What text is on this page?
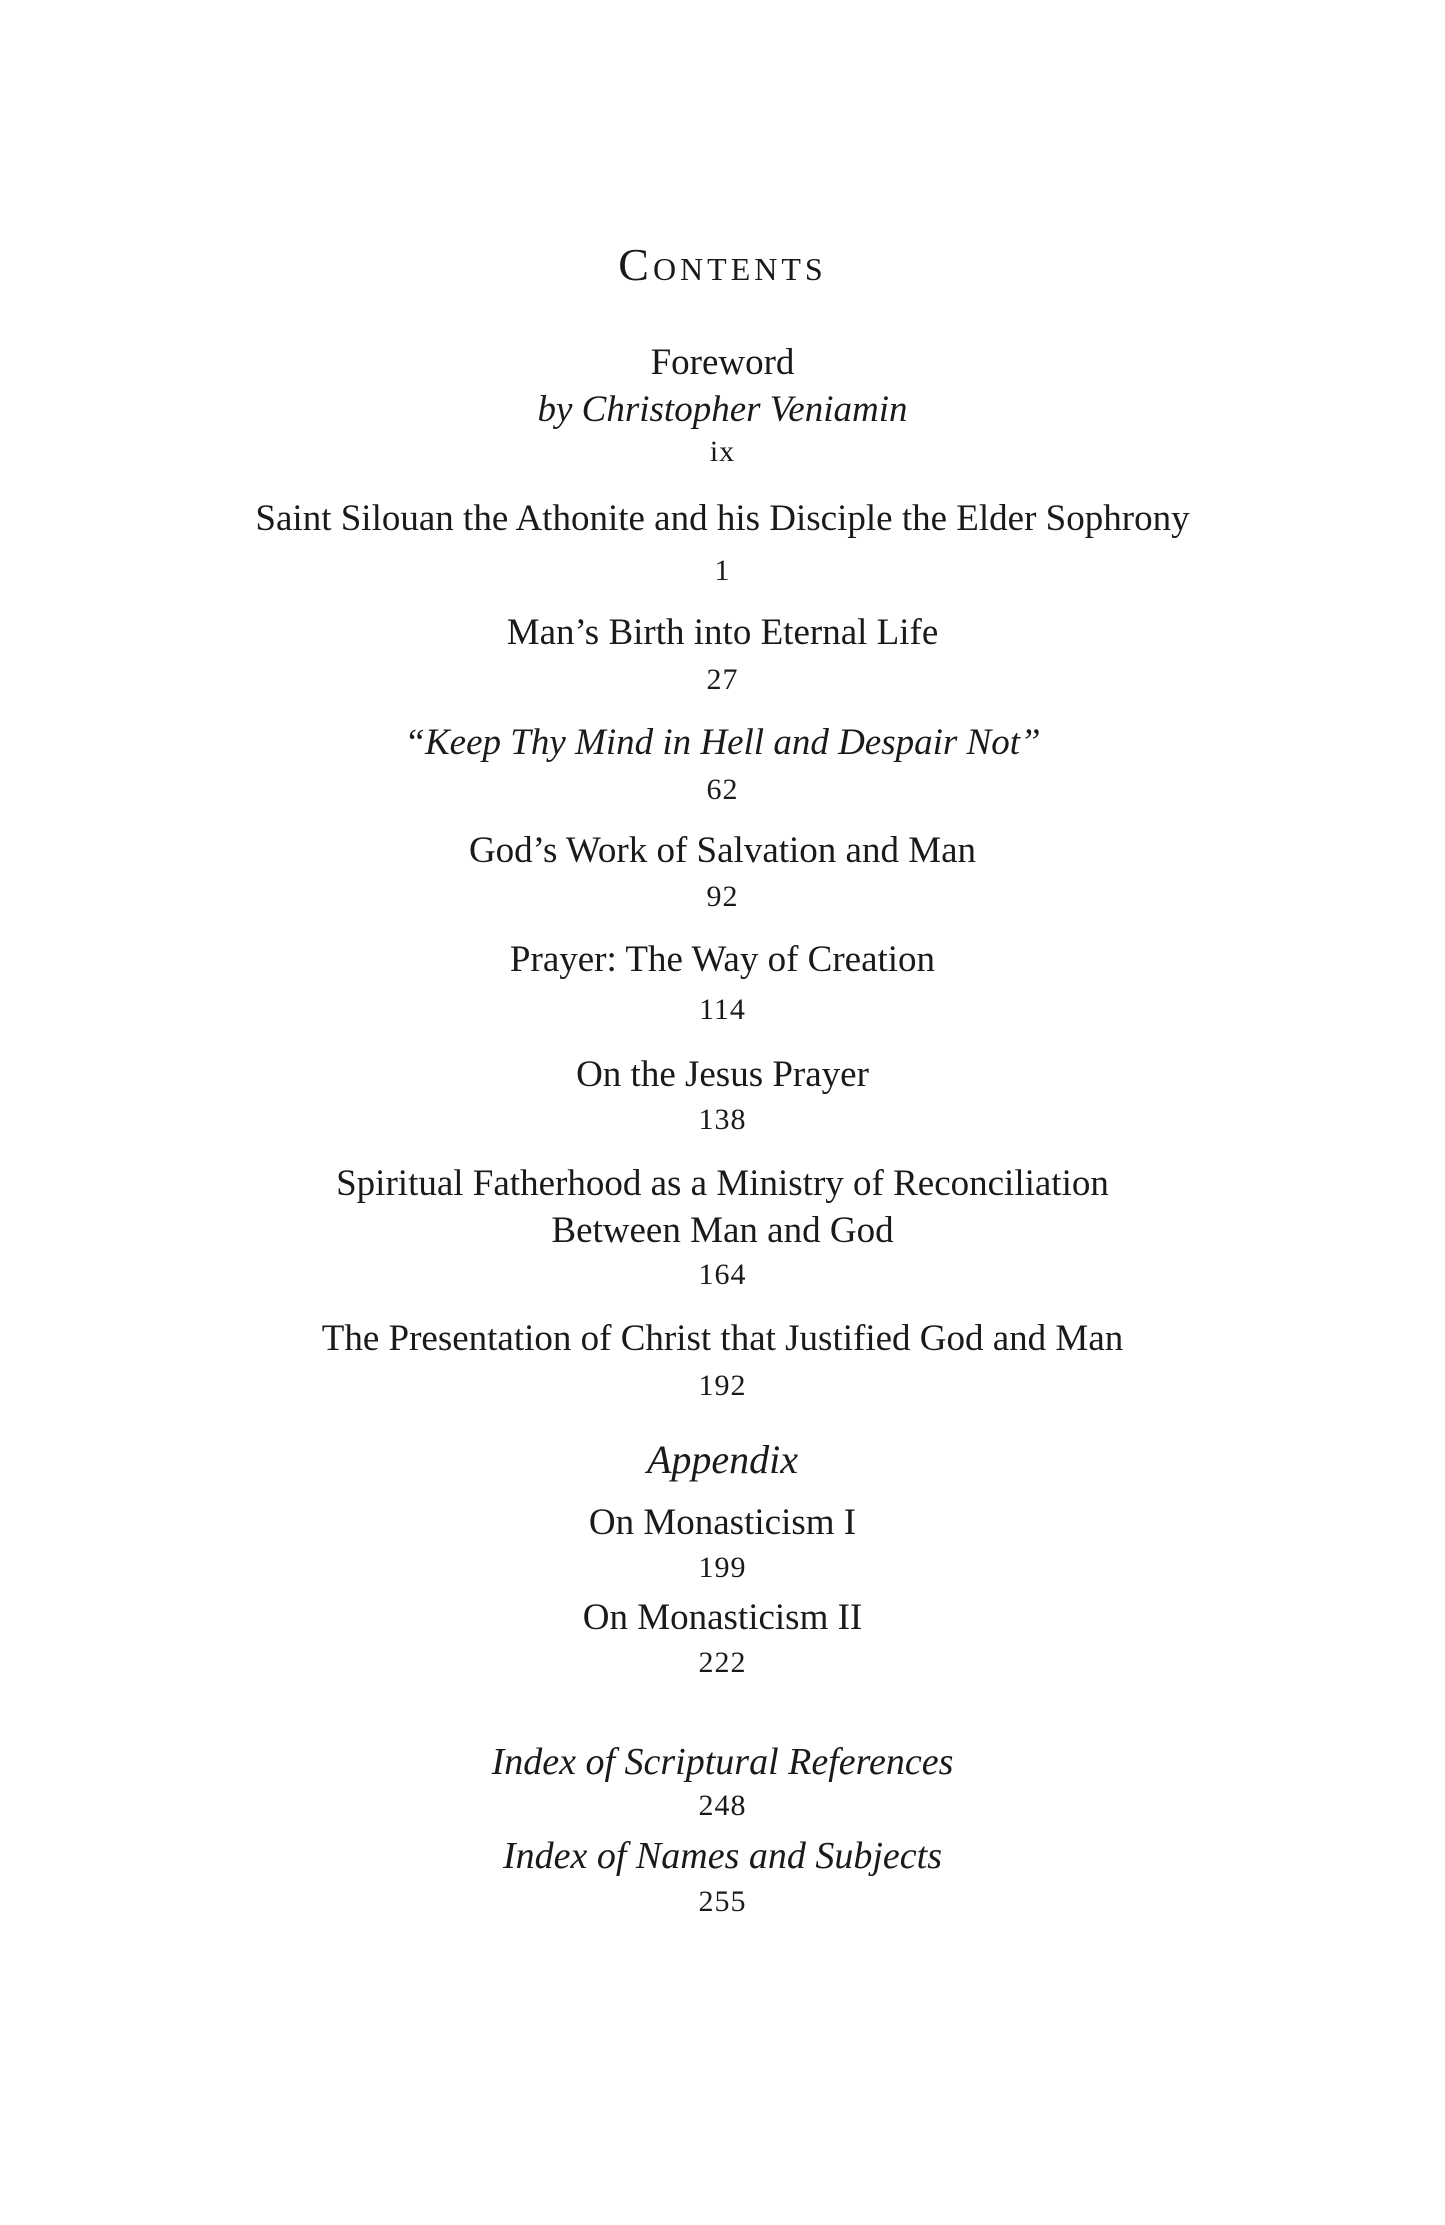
Contents
Foreword
by Christopher Veniamin
ix
Saint Silouan the Athonite and his Disciple the Elder Sophrony
1
Man’s Birth into Eternal Life
27
“Keep Thy Mind in Hell and Despair Not”
62
God’s Work of Salvation and Man
92
Prayer: The Way of Creation
114
On the Jesus Prayer
138
Spiritual Fatherhood as a Ministry of Reconciliation
Between Man and God
164
The Presentation of Christ that Justified God and Man
192
Appendix
On Monasticism I
199
On Monasticism II
222
Index of Scriptural References
248
Index of Names and Subjects
255
